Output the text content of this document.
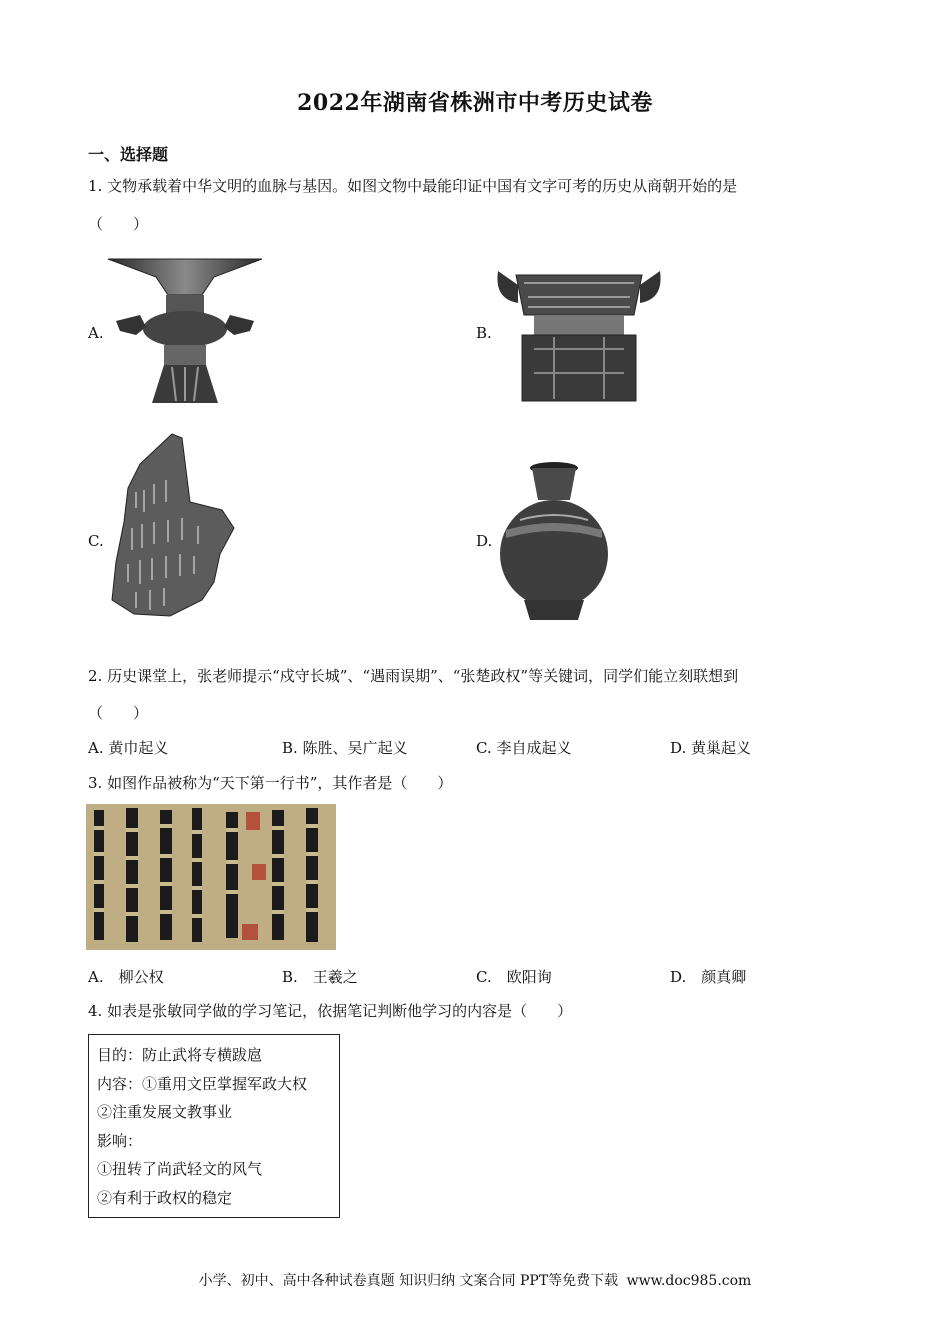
2022年湖南省株洲市中考历史试卷
一、选择题
1. 文物承载着中华文明的血脉与基因。如图文物中最能印证中国有文字可考的历史从商朝开始的是
（　　）
A.	B.
C.	D.
2. 历史课堂上，张老师提示“戍守长城”、“遇雨误期”、“张楚政权”等关键词，同学们能立刻联想到
（　　）
A. 黄巾起义	B. 陈胜、吴广起义	C. 李自成起义	D. 黄巢起义
3. 如图作品被称为“天下第一行书”，其作者是（　　）
A.　柳公权	B.　王羲之	C.　欧阳询	D.　颜真卿
4. 如表是张敏同学做的学习笔记，依据笔记判断他学习的内容是（　　）
目的：防止武将专横跋扈
内容：①重用文臣掌握军政大权
②注重发展文教事业
影响：
①扭转了尚武轻文的风气
②有利于政权的稳定
小学、初中、高中各种试卷真题 知识归纳 文案合同 PPT等免费下载 www.doc985.com
